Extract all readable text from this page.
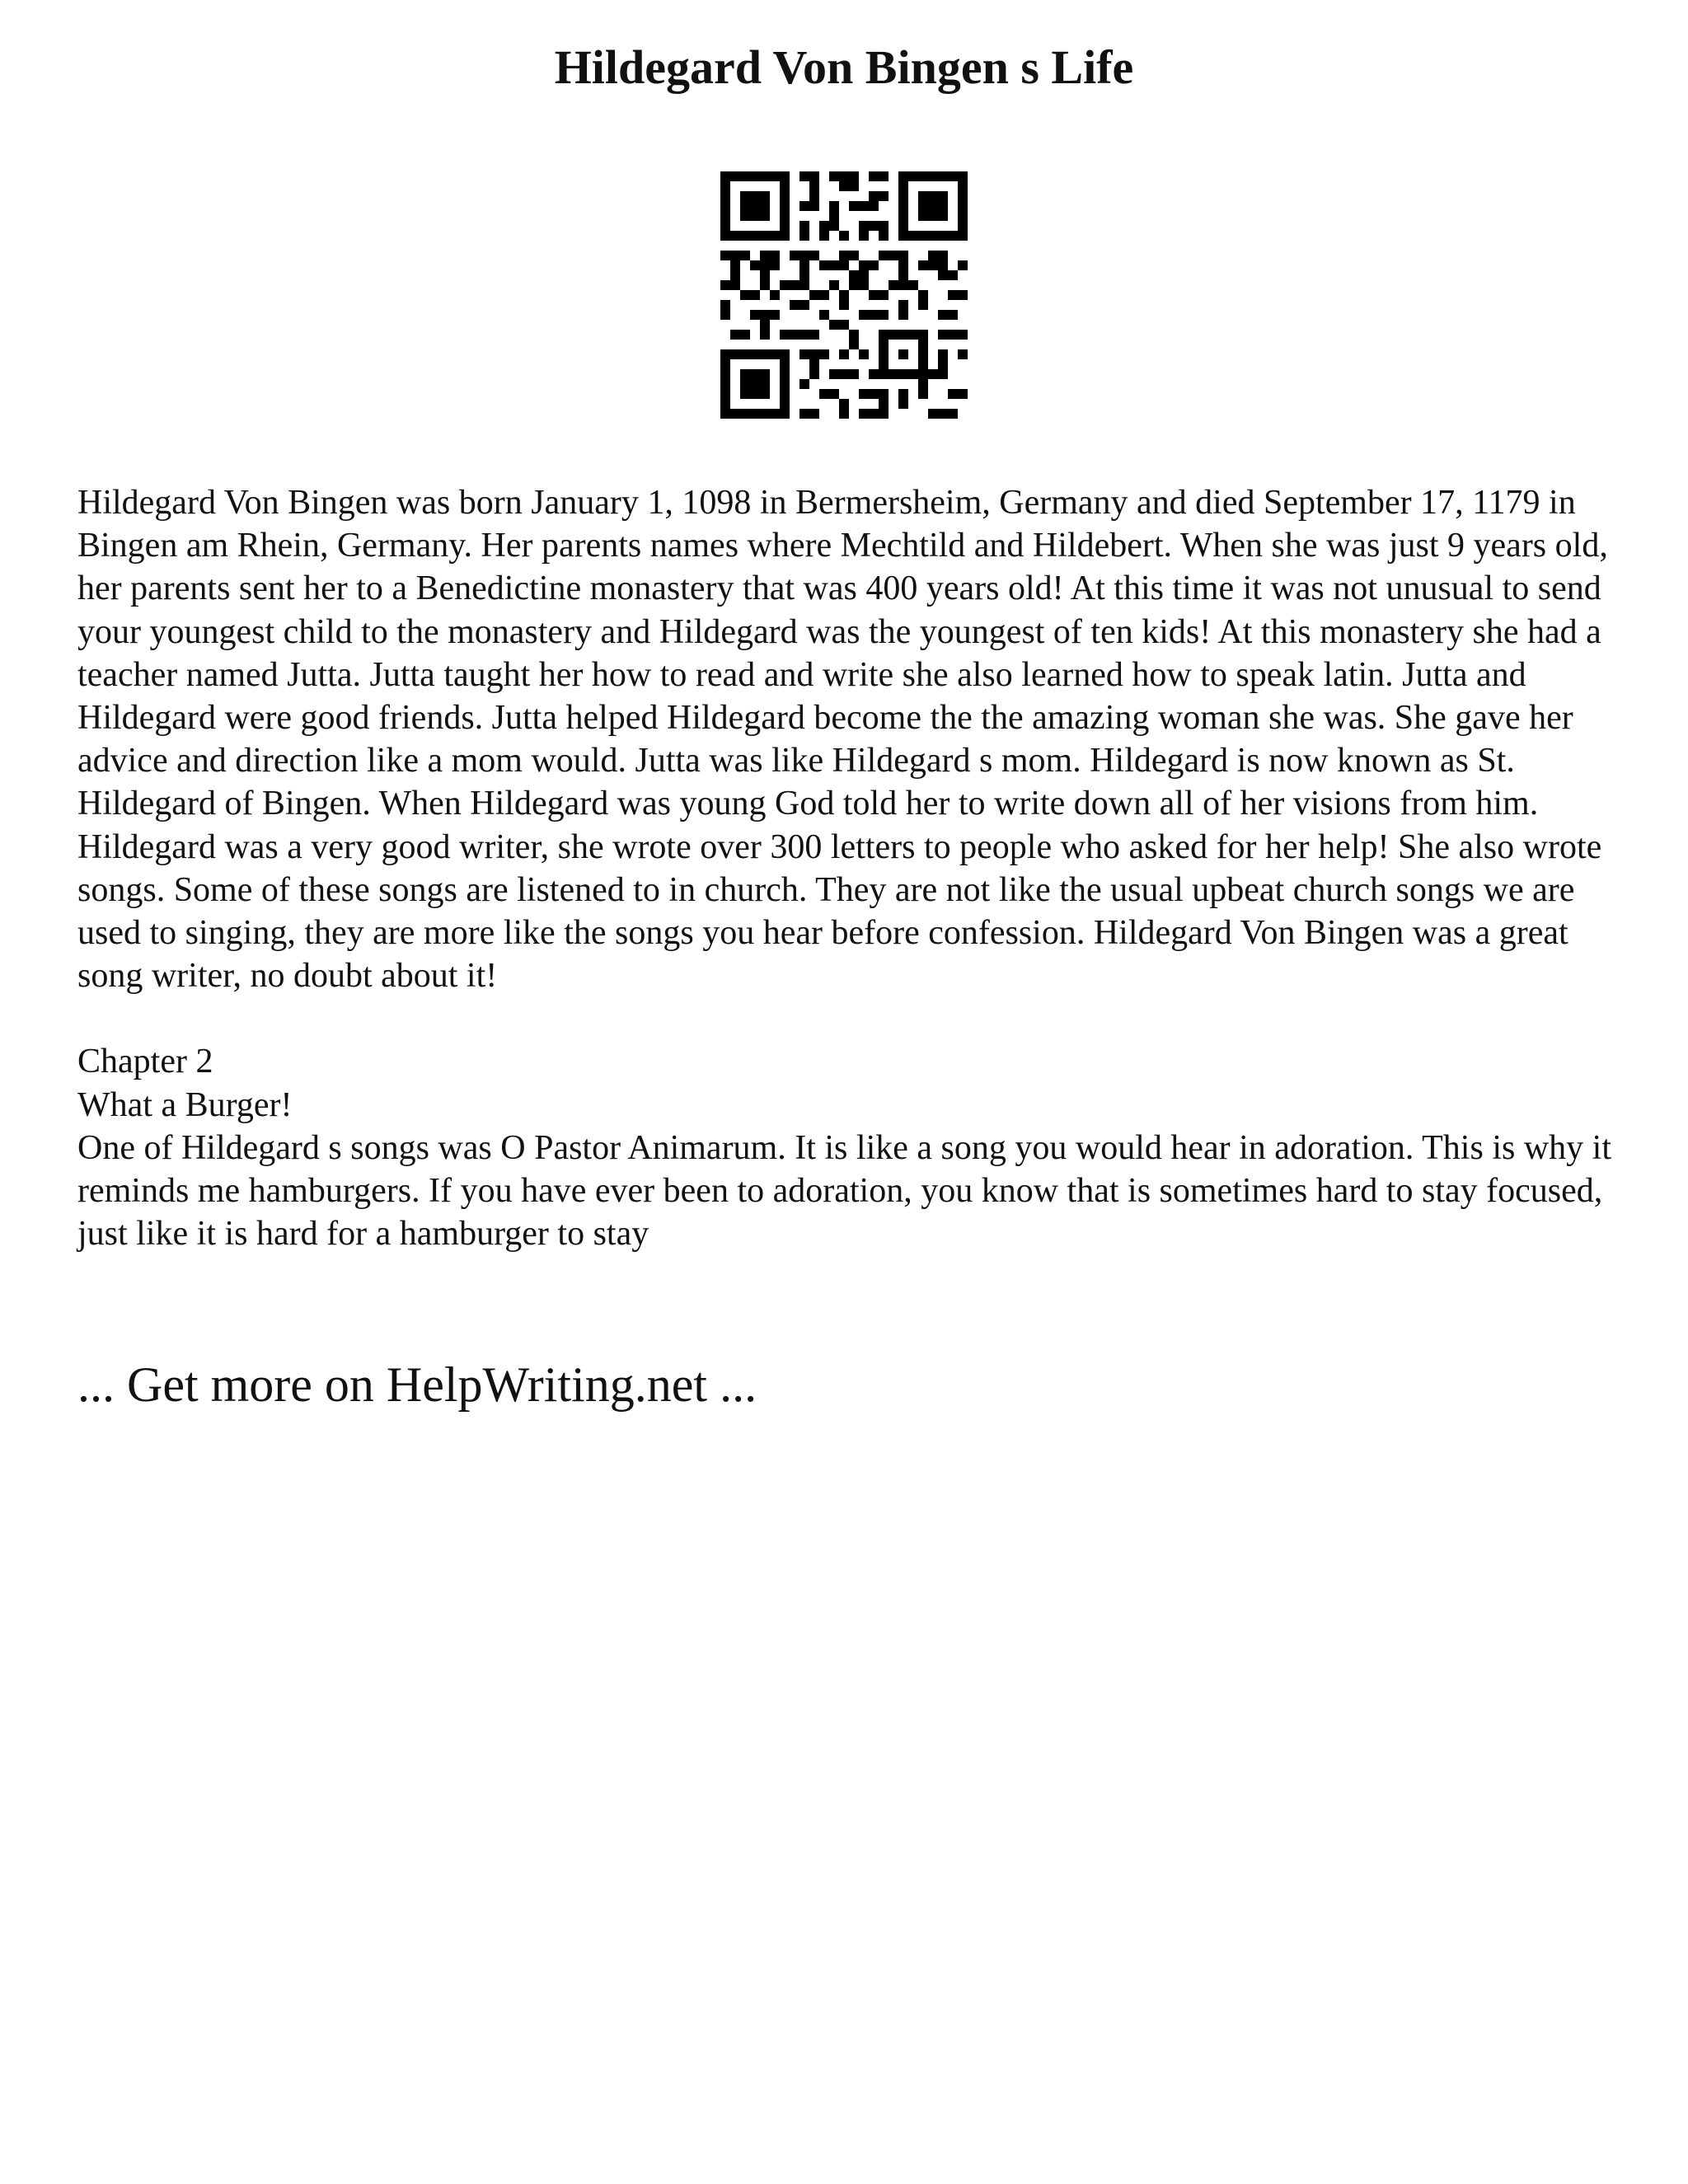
Hildegard Von Bingen s Life

Hildegard Von Bingen was born January 1, 1098 in Bermersheim, Germany and died September 17, 1179 in Bingen am Rhein, Germany. Her parents names where Mechtild and Hildebert. When she was just 9 years old, her parents sent her to a Benedictine monastery that was 400 years old! At this time it was not unusual to send your youngest child to the monastery and Hildegard was the youngest of ten kids! At this monastery she had a teacher named Jutta. Jutta taught her how to read and write she also learned how to speak latin. Jutta and Hildegard were good friends. Jutta helped Hildegard become the the amazing woman she was. She gave her advice and direction like a mom would. Jutta was like Hildegard s mom. Hildegard is now known as St. Hildegard of Bingen. When Hildegard was young God told her to write down all of her visions from him. Hildegard was a very good writer, she wrote over 300 letters to people who asked for her help! She also wrote songs. Some of these songs are listened to in church. They are not like the usual upbeat church songs we are used to singing, they are more like the songs you hear before confession. Hildegard Von Bingen was a great song writer, no doubt about it!

Chapter 2

What a Burger!

One of Hildegard s songs was O Pastor Animarum. It is like a song you would hear in adoration. This is why it reminds me hamburgers. If you have ever been to adoration, you know that is sometimes hard to stay focused, just like it is hard for a hamburger to stay

... Get more on HelpWriting.net ...
